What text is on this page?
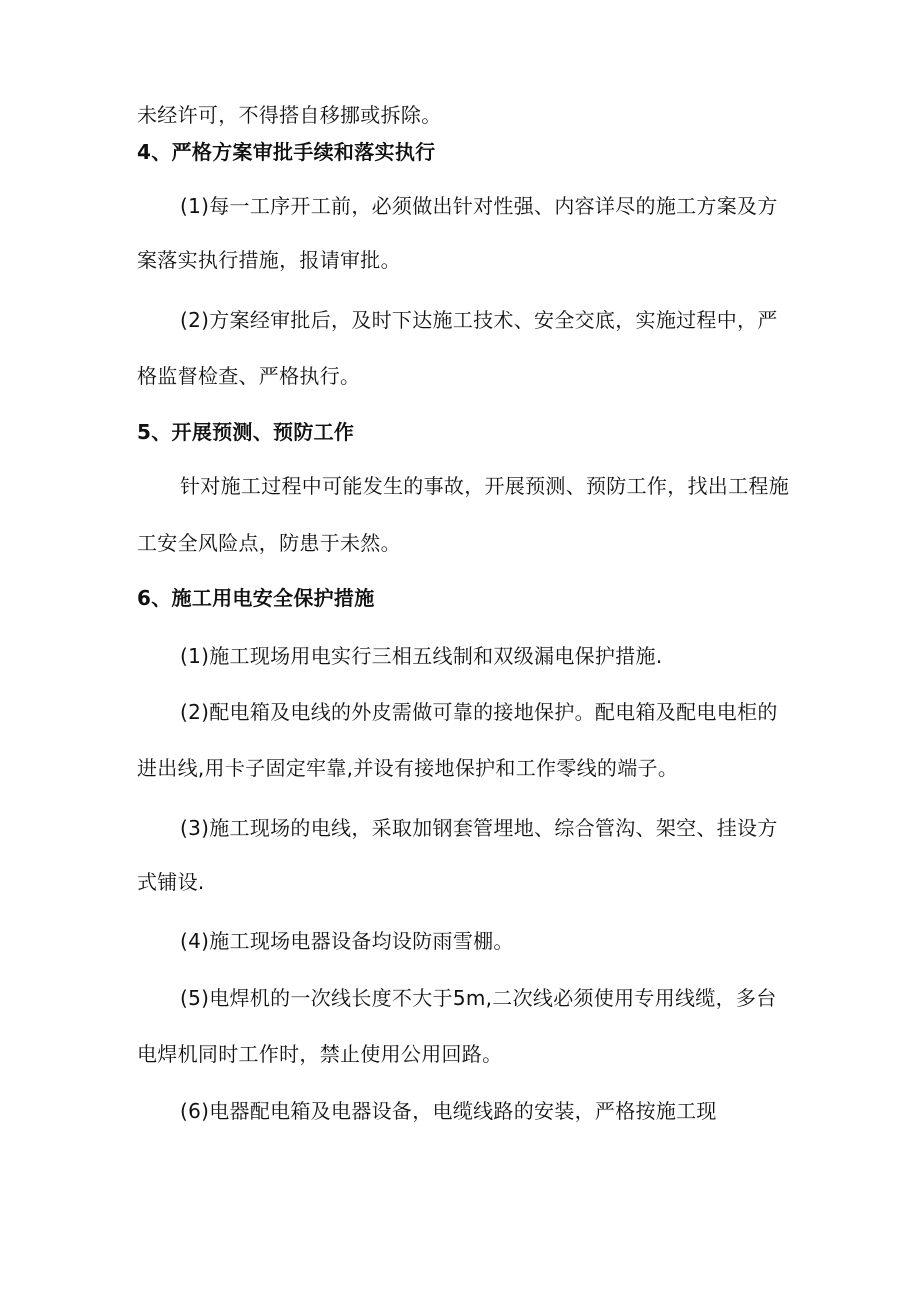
未经许可，不得搭自移挪或拆除。
4、严格方案审批手续和落实执行
(1)每一工序开工前，必须做出针对性强、内容详尽的施工方案及方
案落实执行措施，报请审批。
(2)方案经审批后，及时下达施工技术、安全交底，实施过程中，严
格监督检查、严格执行。
5、开展预测、预防工作
针对施工过程中可能发生的事故，开展预测、预防工作，找出工程施
工安全风险点，防患于未然。
6、施工用电安全保护措施
(1)施工现场用电实行三相五线制和双级漏电保护措施.
(2)配电箱及电线的外皮需做可靠的接地保护。配电箱及配电电柜的
进出线,用卡子固定牢靠,并设有接地保护和工作零线的端子。
(3)施工现场的电线，采取加钢套管埋地、综合管沟、架空、挂设方
式铺设.
(4)施工现场电器设备均设防雨雪棚。
(5)电焊机的一次线长度不大于5m,二次线必须使用专用线缆，多台
电焊机同时工作时，禁止使用公用回路。
(6)电器配电箱及电器设备，电缆线路的安装，严格按施工现
